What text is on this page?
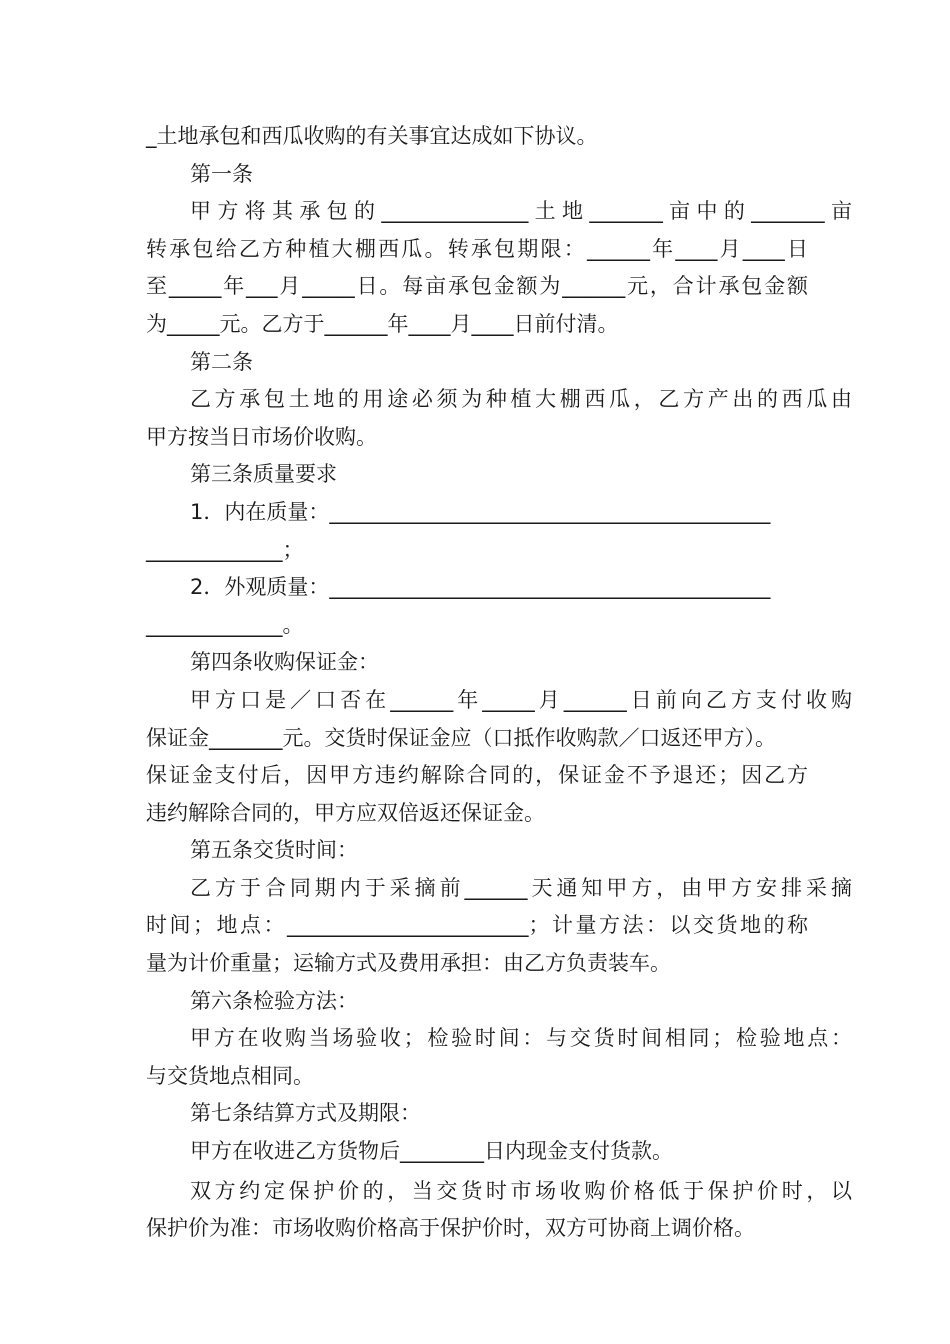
_土地承包和西瓜收购的有关事宜达成如下协议。
第一条
甲方将其承包的______________土地_______亩中的_______亩
转承包给乙方种植大棚西瓜。转承包期限：______年____月____日
至_____年___月_____日。每亩承包金额为______元，合计承包金额
为_____元。乙方于______年____月____日前付清。
第二条
乙方承包土地的用途必须为种植大棚西瓜，乙方产出的西瓜由
甲方按当日市场价收购。
第三条质量要求
1．内在质量：__________________________________________
_____________；
2．外观质量：__________________________________________
_____________。
第四条收购保证金：
甲方口是／口否在______年_____月______日前向乙方支付收购
保证金_______元。交货时保证金应（口抵作收购款／口返还甲方）。
保证金支付后，因甲方违约解除合同的，保证金不予退还；因乙方
违约解除合同的，甲方应双倍返还保证金。
第五条交货时间：
乙方于合同期内于采摘前______天通知甲方，由甲方安排采摘
时间；地点：_______________________；计量方法：以交货地的称
量为计价重量；运输方式及费用承担：由乙方负责装车。
第六条检验方法：
甲方在收购当场验收；检验时间：与交货时间相同；检验地点：
与交货地点相同。
第七条结算方式及期限：
甲方在收进乙方货物后________日内现金支付货款。
双方约定保护价的，当交货时市场收购价格低于保护价时，以
保护价为准：市场收购价格高于保护价时，双方可协商上调价格。
